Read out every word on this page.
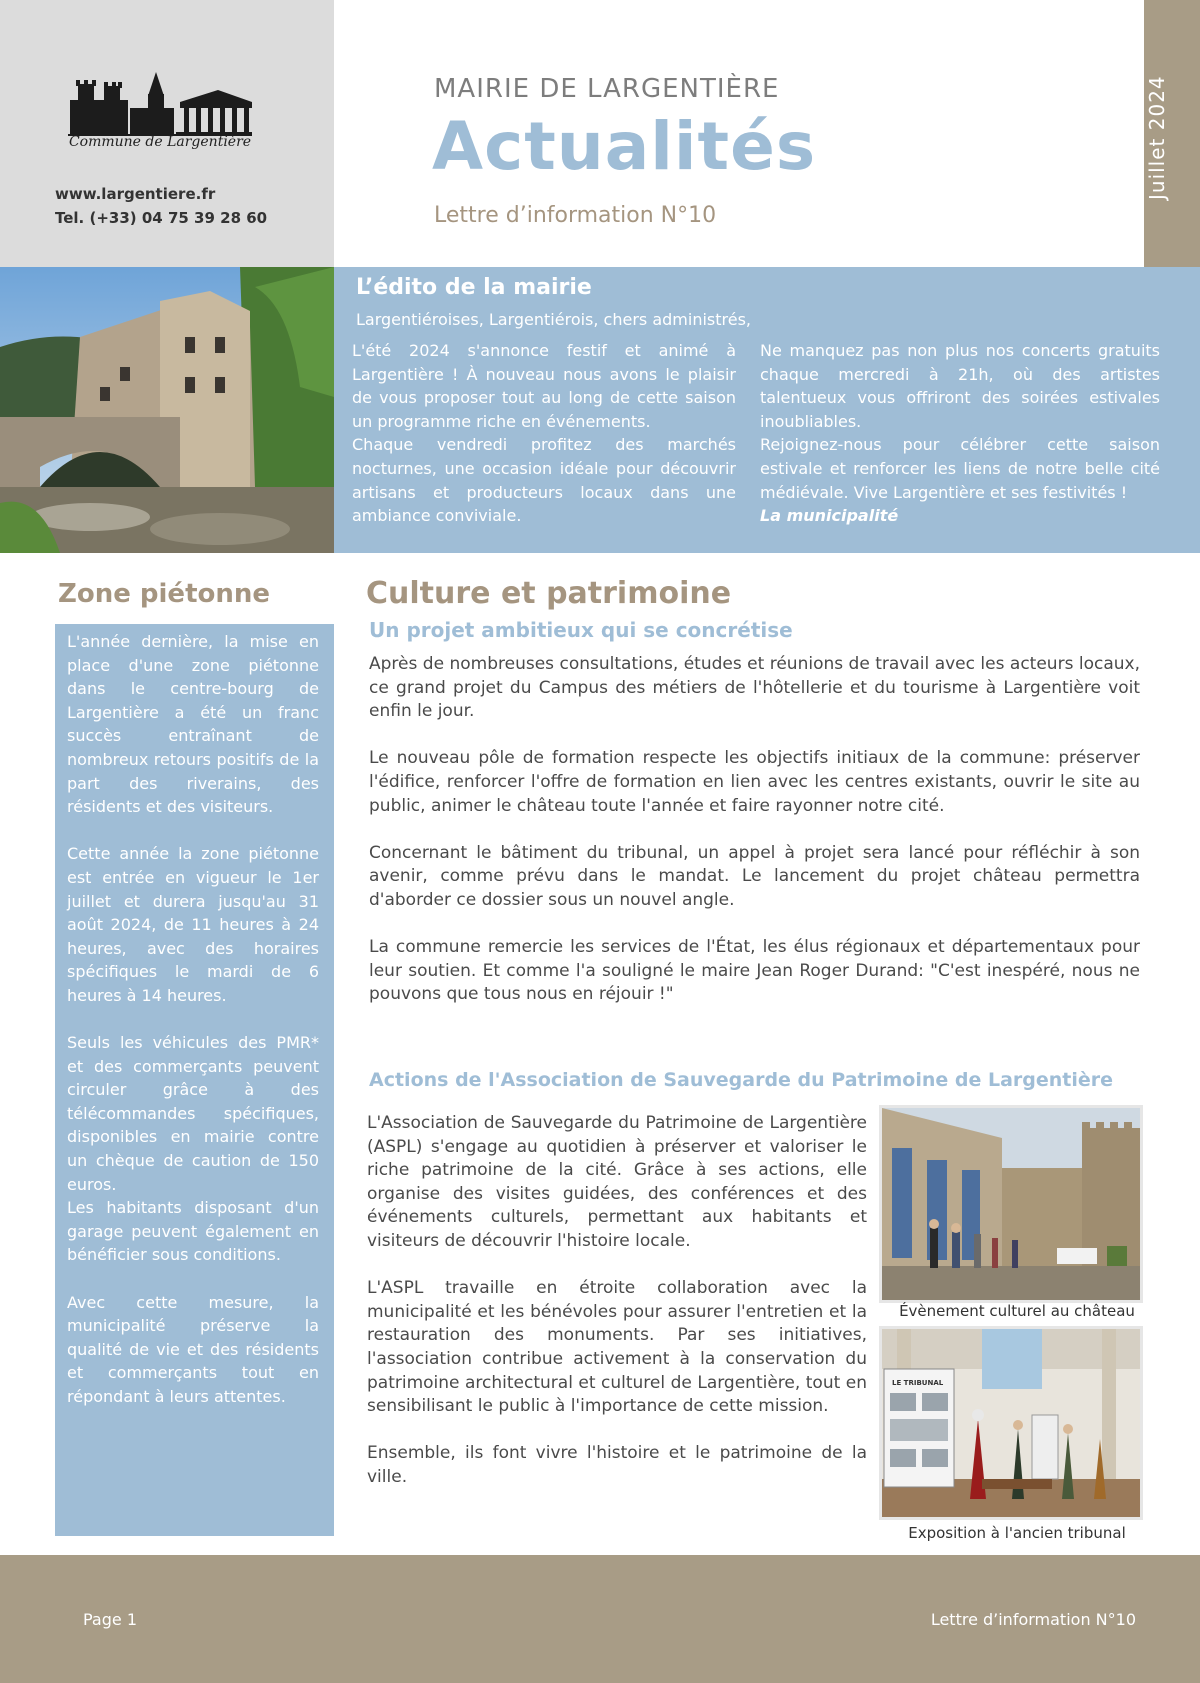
Commune de Largentière
www.largentiere.fr
Tel. (+33) 04 75 39 28 60
MAIRIE DE LARGENTIÈRE
Actualités
Lettre d’information N°10
Juillet 2024
L’édito de la mairie
Largentiéroises, Largentiérois, chers administrés,

L'été 2024 s'annonce festif et animé à Largentière ! À nouveau nous avons le plaisir de vous proposer tout au long de cette saison un programme riche en événements.

Chaque vendredi profitez des marchés nocturnes, une occasion idéale pour découvrir artisans et producteurs locaux dans une ambiance conviviale.

Ne manquez pas non plus nos concerts gratuits chaque mercredi à 21h, où des artistes talentueux vous offriront des soirées estivales inoubliables.

Rejoignez-nous pour célébrer cette saison estivale et renforcer les liens de notre belle cité médiévale. Vive Largentière et ses festivités !

La municipalité

Zone piétonne

L'année dernière, la mise en place d'une zone piétonne dans le centre-bourg de Largentière a été un franc succès entraînant de nombreux retours positifs de la part des riverains, des résidents et des visiteurs.

Cette année la zone piétonne est entrée en vigueur le 1er juillet et durera jusqu'au 31 août 2024, de 11 heures à 24 heures, avec des horaires spécifiques le mardi de 6 heures à 14 heures.

Seuls les véhicules des PMR* et des commerçants peuvent circuler grâce à des télécommandes spécifiques, disponibles en mairie contre un chèque de caution de 150 euros.

Les habitants disposant d'un garage peuvent également en bénéficier sous conditions.

Avec cette mesure, la municipalité préserve la qualité de vie et des résidents et commerçants tout en répondant à leurs attentes.

Culture et patrimoine
Un projet ambitieux qui se concrétise

Après de nombreuses consultations, études et réunions de travail avec les acteurs locaux, ce grand projet du Campus des métiers de l'hôtellerie et du tourisme à Largentière voit enfin le jour.

Le nouveau pôle de formation respecte les objectifs initiaux de la commune: préserver l'édifice, renforcer l'offre de formation en lien avec les centres existants, ouvrir le site au public, animer le château toute l'année et faire rayonner notre cité.

Concernant le bâtiment du tribunal, un appel à projet sera lancé pour réfléchir à son avenir, comme prévu dans le mandat. Le lancement du projet château permettra d'aborder ce dossier sous un nouvel angle.

La commune remercie les services de l'État, les élus régionaux et départementaux pour leur soutien. Et comme l'a souligné le maire Jean Roger Durand: "C'est inespéré, nous ne pouvons que tous nous en réjouir !"

Actions de l'Association de Sauvegarde du Patrimoine de Largentière

L'Association de Sauvegarde du Patrimoine de Largentière (ASPL) s'engage au quotidien à préserver et valoriser le riche patrimoine de la cité. Grâce à ses actions, elle organise des visites guidées, des conférences et des événements culturels, permettant aux habitants et visiteurs de découvrir l'histoire locale.

L'ASPL travaille en étroite collaboration avec la municipalité et les bénévoles pour assurer l'entretien et la restauration des monuments. Par ses initiatives, l'association contribue activement à la conservation du patrimoine architectural et culturel de Largentière, tout en sensibilisant le public à l'importance de cette mission.

Ensemble, ils font vivre l'histoire et le patrimoine de la ville.

Évènement culturel au château
LE TRIBUNAL
Exposition à l'ancien tribunal
Page 1	Lettre d’information N°10
